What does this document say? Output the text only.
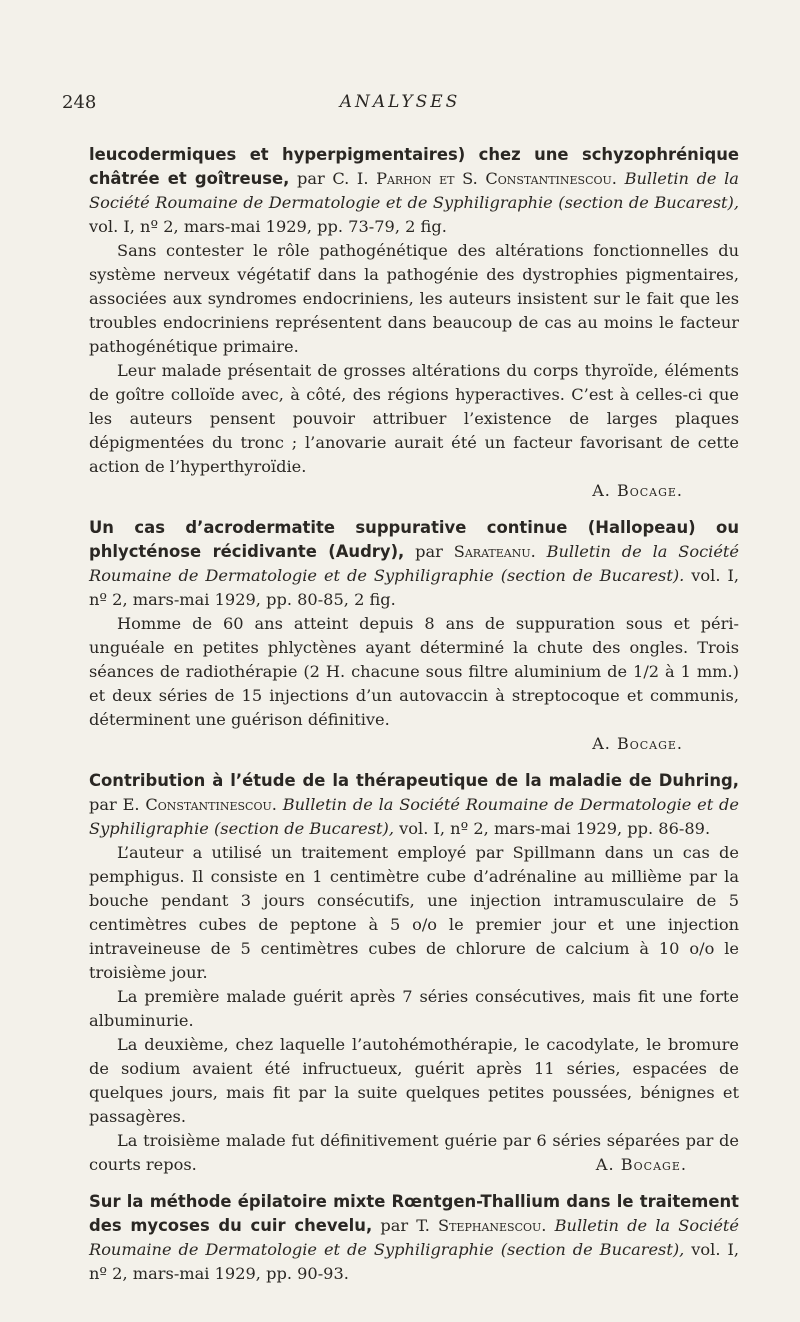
248	ANALYSES

leucodermiques et hyperpigmentaires) chez une schyzophrénique châtrée et goîtreuse, par C. I. Parhon et S. Constantinescou. Bulletin de la Société Roumaine de Dermatologie et de Syphiligraphie (section de Bucarest), vol. I, nº 2, mars-mai 1929, pp. 73-79, 2 fig.

Sans contester le rôle pathogénétique des altérations fonctionnelles du système nerveux végétatif dans la pathogénie des dystrophies pigmentaires, associées aux syndromes endocriniens, les auteurs insistent sur le fait que les troubles endocriniens représentent dans beaucoup de cas au moins le facteur pathogénétique primaire.

Leur malade présentait de grosses altérations du corps thyroïde, éléments de goître colloïde avec, à côté, des régions hyperactives. C’est à celles-ci que les auteurs pensent pouvoir attribuer l’existence de larges plaques dépigmentées du tronc ; l’anovarie aurait été un facteur favorisant de cette action de l’hyperthyroïdie.

A. Bocage.

Un cas d’acrodermatite suppurative continue (Hallopeau) ou phlycténose récidivante (Audry), par Sarateanu. Bulletin de la Société Roumaine de Dermatologie et de Syphiligraphie (section de Bucarest). vol. I, nº 2, mars-mai 1929, pp. 80-85, 2 fig.

Homme de 60 ans atteint depuis 8 ans de suppuration sous et péri-unguéale en petites phlyctènes ayant déterminé la chute des ongles. Trois séances de radiothérapie (2 H. chacune sous filtre aluminium de 1/2 à 1 mm.) et deux séries de 15 injections d’un autovaccin à streptocoque et communis, déterminent une guérison définitive.

A. Bocage.

Contribution à l’étude de la thérapeutique de la maladie de Duhring, par E. Constantinescou. Bulletin de la Société Roumaine de Dermatologie et de Syphiligraphie (section de Bucarest), vol. I, nº 2, mars-mai 1929, pp. 86-89.

L’auteur a utilisé un traitement employé par Spillmann dans un cas de pemphigus. Il consiste en 1 centimètre cube d’adrénaline au millième par la bouche pendant 3 jours consécutifs, une injection intramusculaire de 5 centimètres cubes de peptone à 5 o/o le premier jour et une injection intraveineuse de 5 centimètres cubes de chlorure de calcium à 10 o/o le troisième jour.

La première malade guérit après 7 séries consécutives, mais fit une forte albuminurie.

La deuxième, chez laquelle l’autohémothérapie, le cacodylate, le bromure de sodium avaient été infructueux, guérit après 11 séries, espacées de quelques jours, mais fit par la suite quelques petites poussées, bénignes et passagères.

La troisième malade fut définitivement guérie par 6 séries séparées par de courts repos.	A. Bocage.

Sur la méthode épilatoire mixte Rœntgen-Thallium dans le traitement des mycoses du cuir chevelu, par T. Stephanescou. Bulletin de la Société Roumaine de Dermatologie et de Syphiligraphie (section de Bucarest), vol. I, nº 2, mars-mai 1929, pp. 90-93.
